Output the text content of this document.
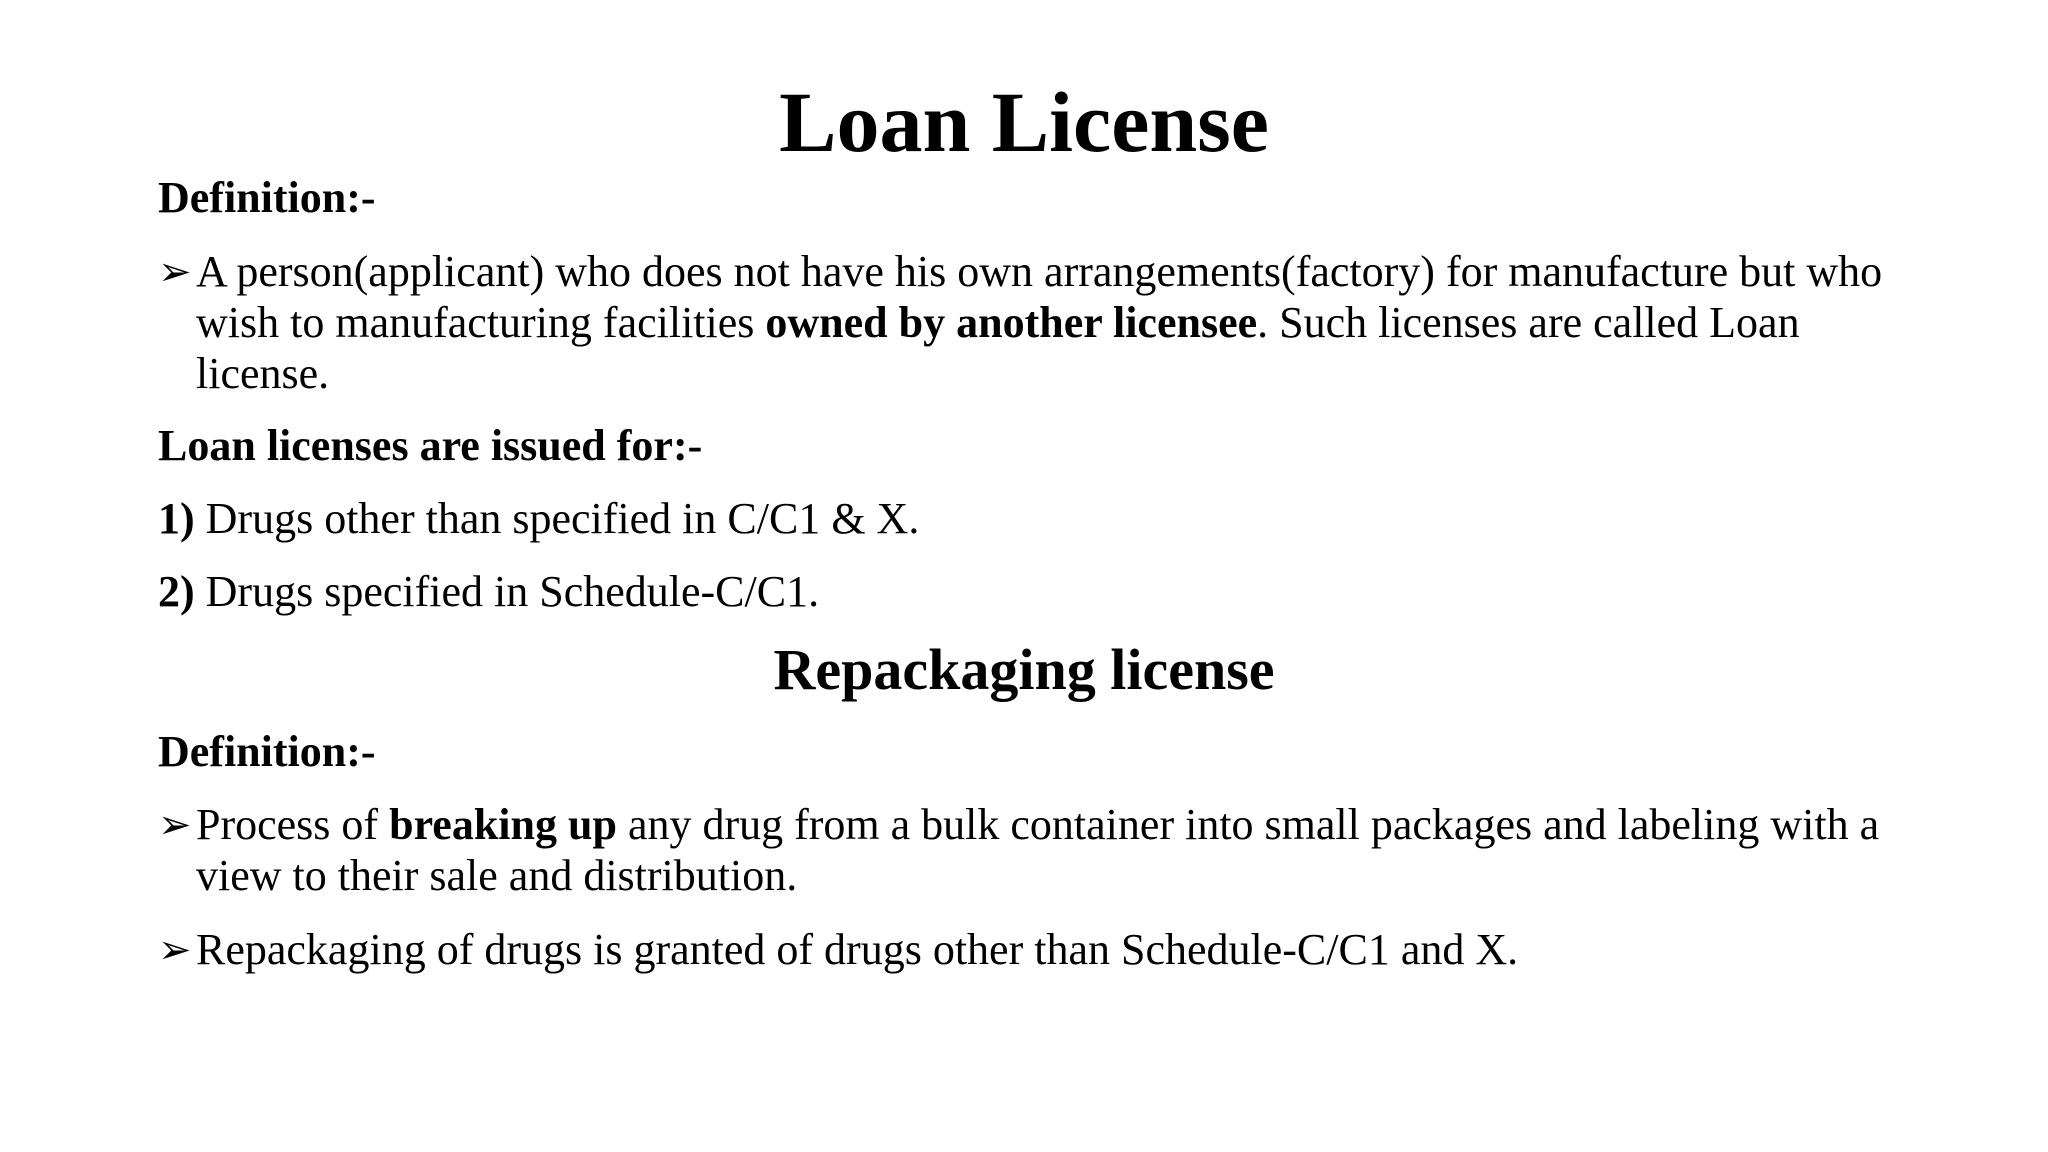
Loan License
Definition:-
➢ A person(applicant) who does not have his own arrangements(factory) for manufacture but who wish to manufacturing facilities owned by another licensee. Such licenses are called Loan license.
Loan licenses are issued for:-
1) Drugs other than specified in C/C1 & X.
2) Drugs specified in Schedule-C/C1.
Repackaging license
Definition:-
➢ Process of breaking up any drug from a bulk container into small packages and labeling with a view to their sale and distribution.
➢ Repackaging of drugs is granted of drugs other than Schedule-C/C1 and X.
